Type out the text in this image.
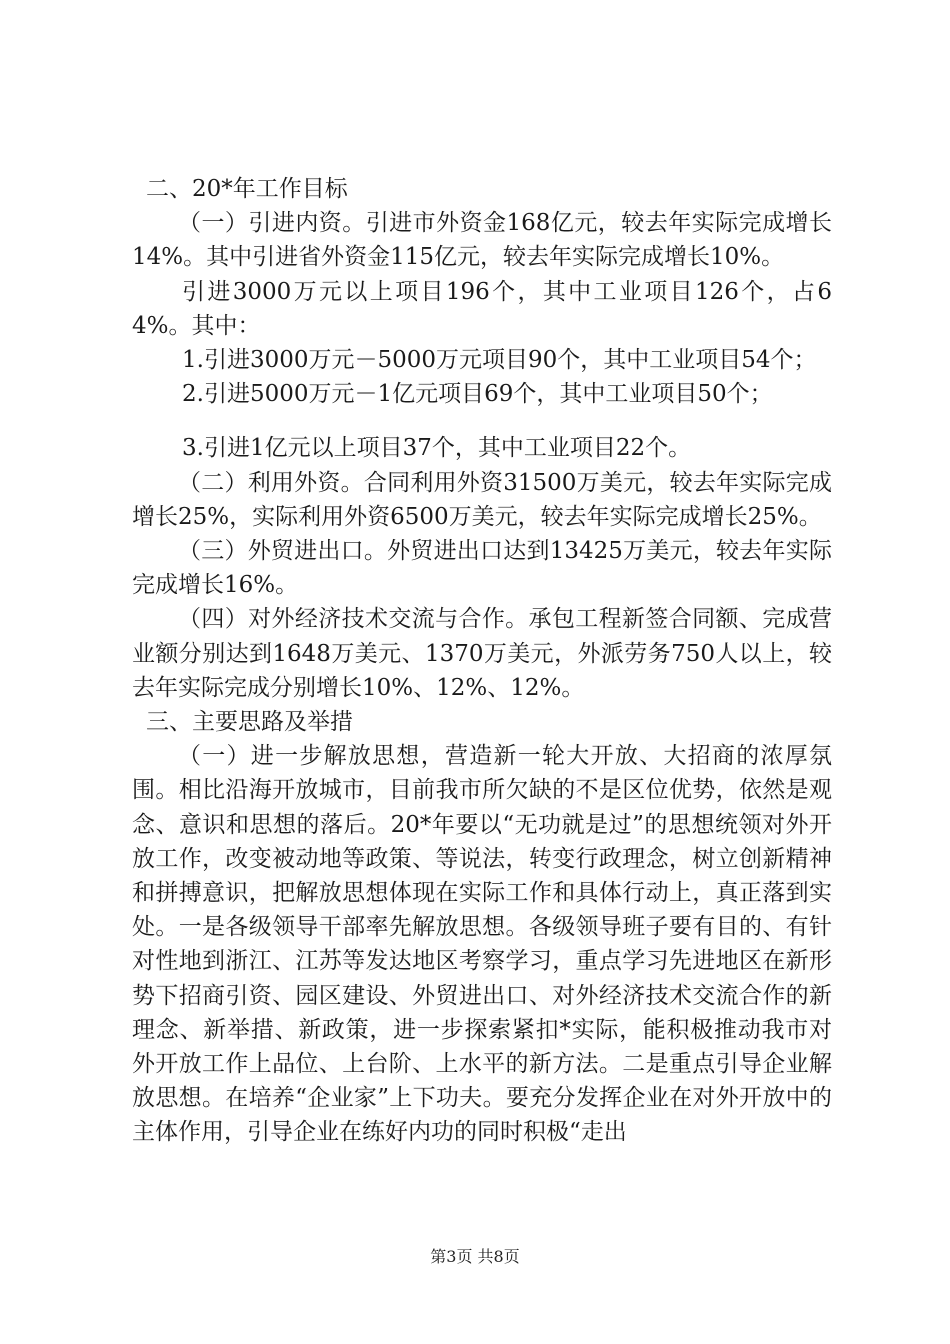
二、20*年工作目标

（一）引进内资。引进市外资金168亿元，较去年实际完成增长14%。其中引进省外资金115亿元，较去年实际完成增长10%。

引进3000万元以上项目196个，其中工业项目126个，占64%。其中：

1.引进3000万元－5000万元项目90个，其中工业项目54个；

2.引进5000万元－1亿元项目69个，其中工业项目50个；

3.引进1亿元以上项目37个，其中工业项目22个。

（二）利用外资。合同利用外资31500万美元，较去年实际完成增长25%，实际利用外资6500万美元，较去年实际完成增长25%。

（三）外贸进出口。外贸进出口达到13425万美元，较去年实际完成增长16%。

（四）对外经济技术交流与合作。承包工程新签合同额、完成营业额分别达到1648万美元、1370万美元，外派劳务750人以上，较去年实际完成分别增长10%、12%、12%。

三、主要思路及举措

（一）进一步解放思想，营造新一轮大开放、大招商的浓厚氛围。相比沿海开放城市，目前我市所欠缺的不是区位优势，依然是观念、意识和思想的落后。20*年要以“无功就是过”的思想统领对外开放工作，改变被动地等政策、等说法，转变行政理念，树立创新精神和拼搏意识，把解放思想体现在实际工作和具体行动上，真正落到实处。一是各级领导干部率先解放思想。各级领导班子要有目的、有针对性地到浙江、江苏等发达地区考察学习，重点学习先进地区在新形势下招商引资、园区建设、外贸进出口、对外经济技术交流合作的新理念、新举措、新政策，进一步探索紧扣*实际，能积极推动我市对外开放工作上品位、上台阶、上水平的新方法。二是重点引导企业解放思想。在培养“企业家”上下功夫。要充分发挥企业在对外开放中的主体作用，引导企业在练好内功的同时积极“走出

第3页 共8页
